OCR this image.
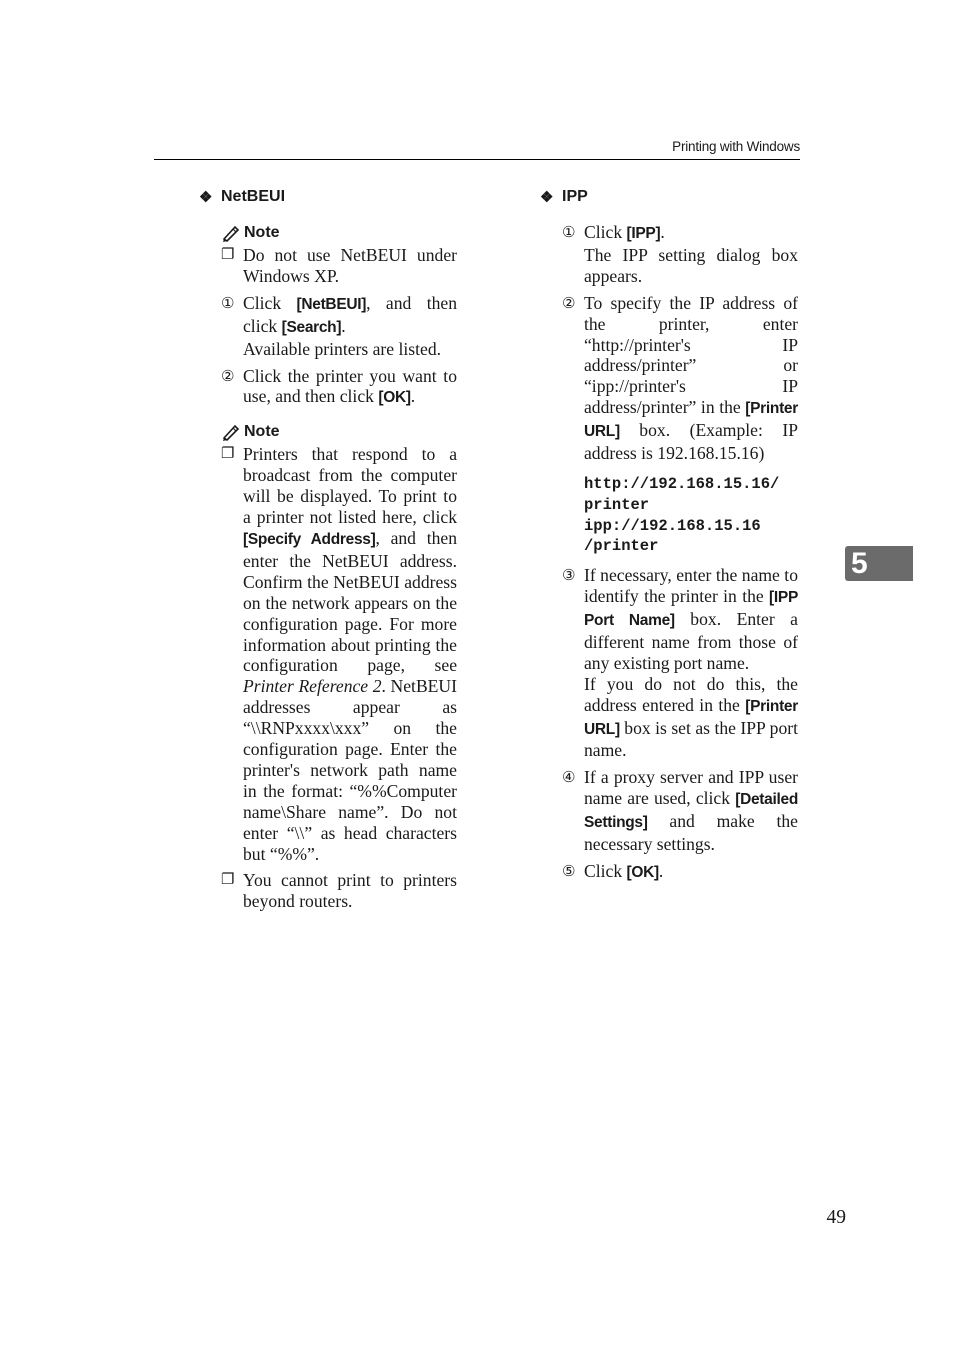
Printing with Windows
❖ NetBEUI
Note
❐ Do not use NetBEUI under Windows XP.
① Click [NetBEUI], and then click [Search].
Available printers are listed.
② Click the printer you want to use, and then click [OK].
Note
❐ Printers that respond to a broadcast from the computer will be displayed. To print to a printer not listed here, click [Specify Address], and then enter the NetBEUI address. Confirm the NetBEUI address on the network appears on the configuration page. For more information about printing the configuration page, see Printer Reference 2. NetBEUI addresses appear as “\\RNPxxxx\xxx” on the configuration page. Enter the printer's network path name in the format: “%%Computer name\Share name”. Do not enter “\\” as head characters but “%%”.
❐ You cannot print to printers beyond routers.
❖ IPP
① Click [IPP].
The IPP setting dialog box appears.
② To specify the IP address of the printer, enter “http://printer's IP address/printer” or “ipp://printer's IP address/printer” in the [Printer URL] box. (Example: IP address is 192.168.15.16)
http://192.168.15.16/
printer
ipp://192.168.15.16
/printer
③ If necessary, enter the name to identify the printer in the [IPP Port Name] box. Enter a different name from those of any existing port name.
If you do not do this, the address entered in the [Printer URL] box is set as the IPP port name.
④ If a proxy server and IPP user name are used, click [Detailed Settings] and make the necessary settings.
⑤ Click [OK].
5
49
